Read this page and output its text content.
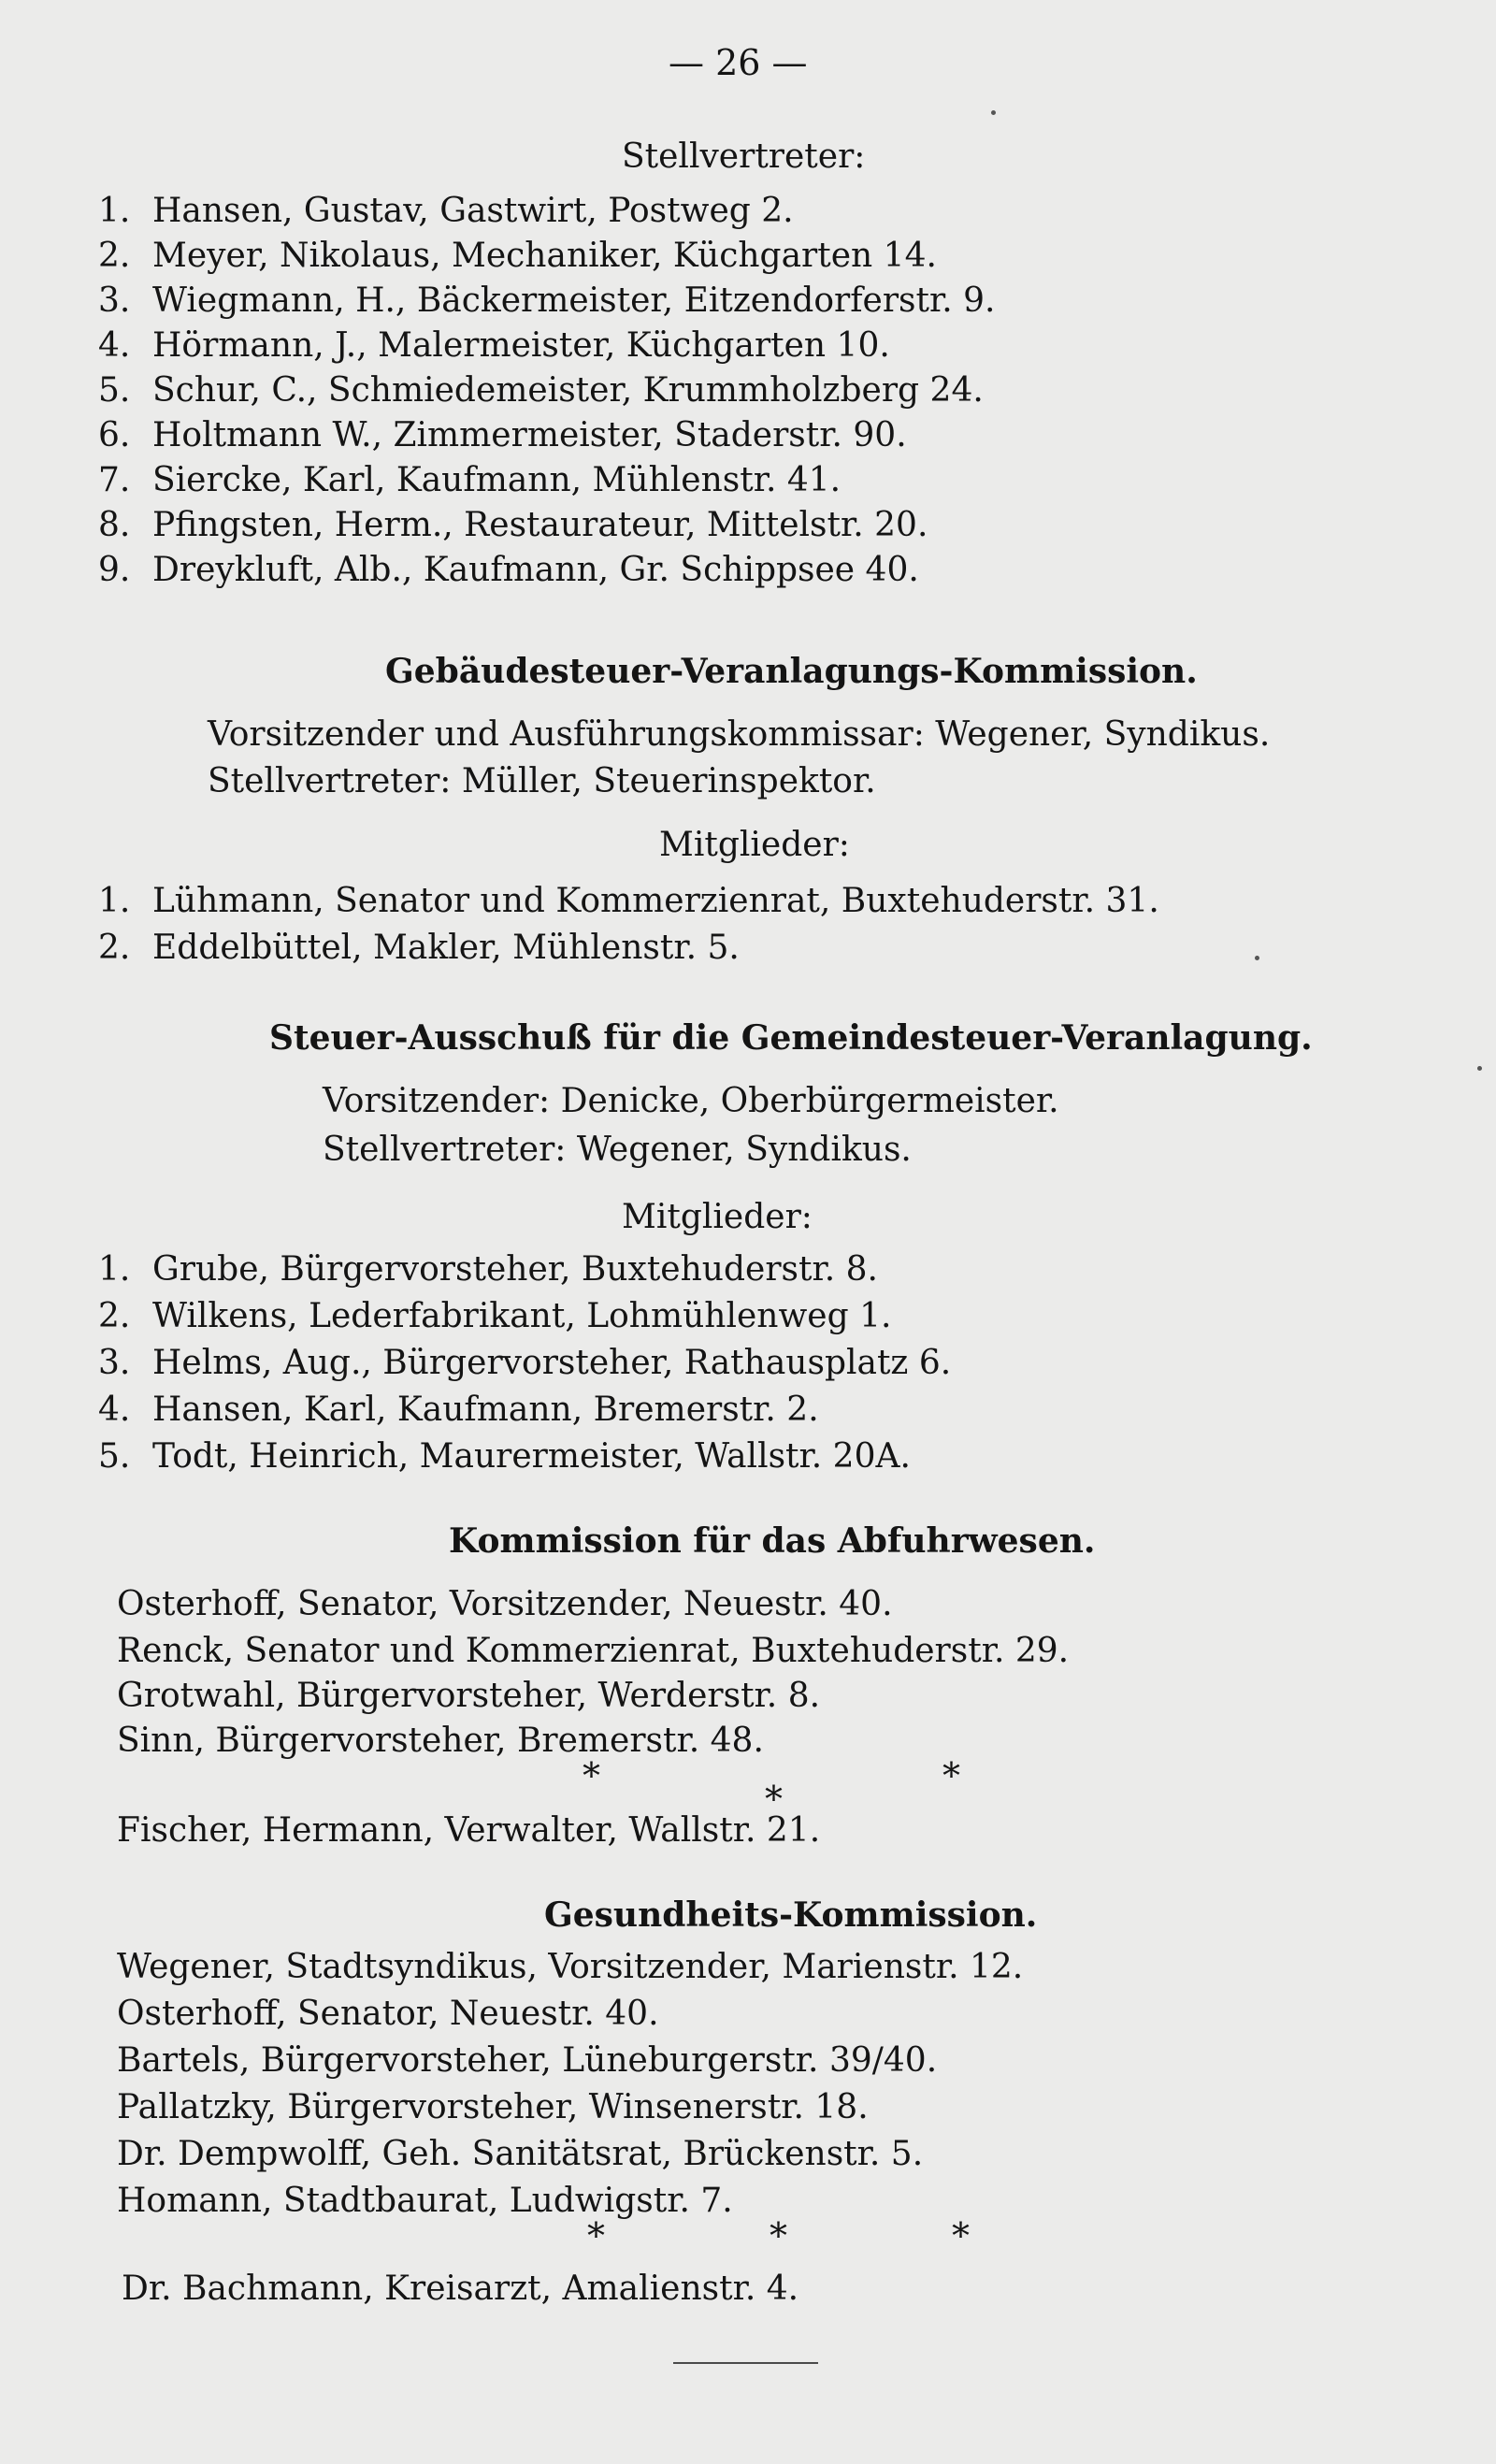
— 26 —
Stellvertreter:
1. Hansen, Gustav, Gastwirt, Postweg 2.
2. Meyer, Nikolaus, Mechaniker, Küchgarten 14.
3. Wiegmann, H., Bäckermeister, Eitzendorferstr. 9.
4. Hörmann, J., Malermeister, Küchgarten 10.
5. Schur, C., Schmiedemeister, Krummholzberg 24.
6. Holtmann W., Zimmermeister, Staderstr. 90.
7. Siercke, Karl, Kaufmann, Mühlenstr. 41.
8. Pfingsten, Herm., Restaurateur, Mittelstr. 20.
9. Dreykluft, Alb., Kaufmann, Gr. Schippsee 40.
Gebäudesteuer-Veranlagungs-Kommission.
Vorsitzender und Ausführungskommissar: Wegener, Syndikus.
Stellvertreter: Müller, Steuerinspektor.
Mitglieder:
1. Lühmann, Senator und Kommerzienrat, Buxtehuderstr. 31.
2. Eddelbüttel, Makler, Mühlenstr. 5.
Steuer-Ausschuß für die Gemeindesteuer-Veranlagung.
Vorsitzender: Denicke, Oberbürgermeister.
Stellvertreter: Wegener, Syndikus.
Mitglieder:
1. Grube, Bürgervorsteher, Buxtehuderstr. 8.
2. Wilkens, Lederfabrikant, Lohmühlenweg 1.
3. Helms, Aug., Bürgervorsteher, Rathausplatz 6.
4. Hansen, Karl, Kaufmann, Bremerstr. 2.
5. Todt, Heinrich, Maurermeister, Wallstr. 20A.
Kommission für das Abfuhrwesen.
Osterhoff, Senator, Vorsitzender, Neuestr. 40.
Renck, Senator und Kommerzienrat, Buxtehuderstr. 29.
Grotwahl, Bürgervorsteher, Werderstr. 8.
Sinn, Bürgervorsteher, Bremerstr. 48.
*
*
*
Fischer, Hermann, Verwalter, Wallstr. 21.
Gesundheits-Kommission.
Wegener, Stadtsyndikus, Vorsitzender, Marienstr. 12.
Osterhoff, Senator, Neuestr. 40.
Bartels, Bürgervorsteher, Lüneburgerstr. 39/40.
Pallatzky, Bürgervorsteher, Winsenerstr. 18.
Dr. Dempwolff, Geh. Sanitätsrat, Brückenstr. 5.
Homann, Stadtbaurat, Ludwigstr. 7.
*	*	*
Dr. Bachmann, Kreisarzt, Amalienstr. 4.
